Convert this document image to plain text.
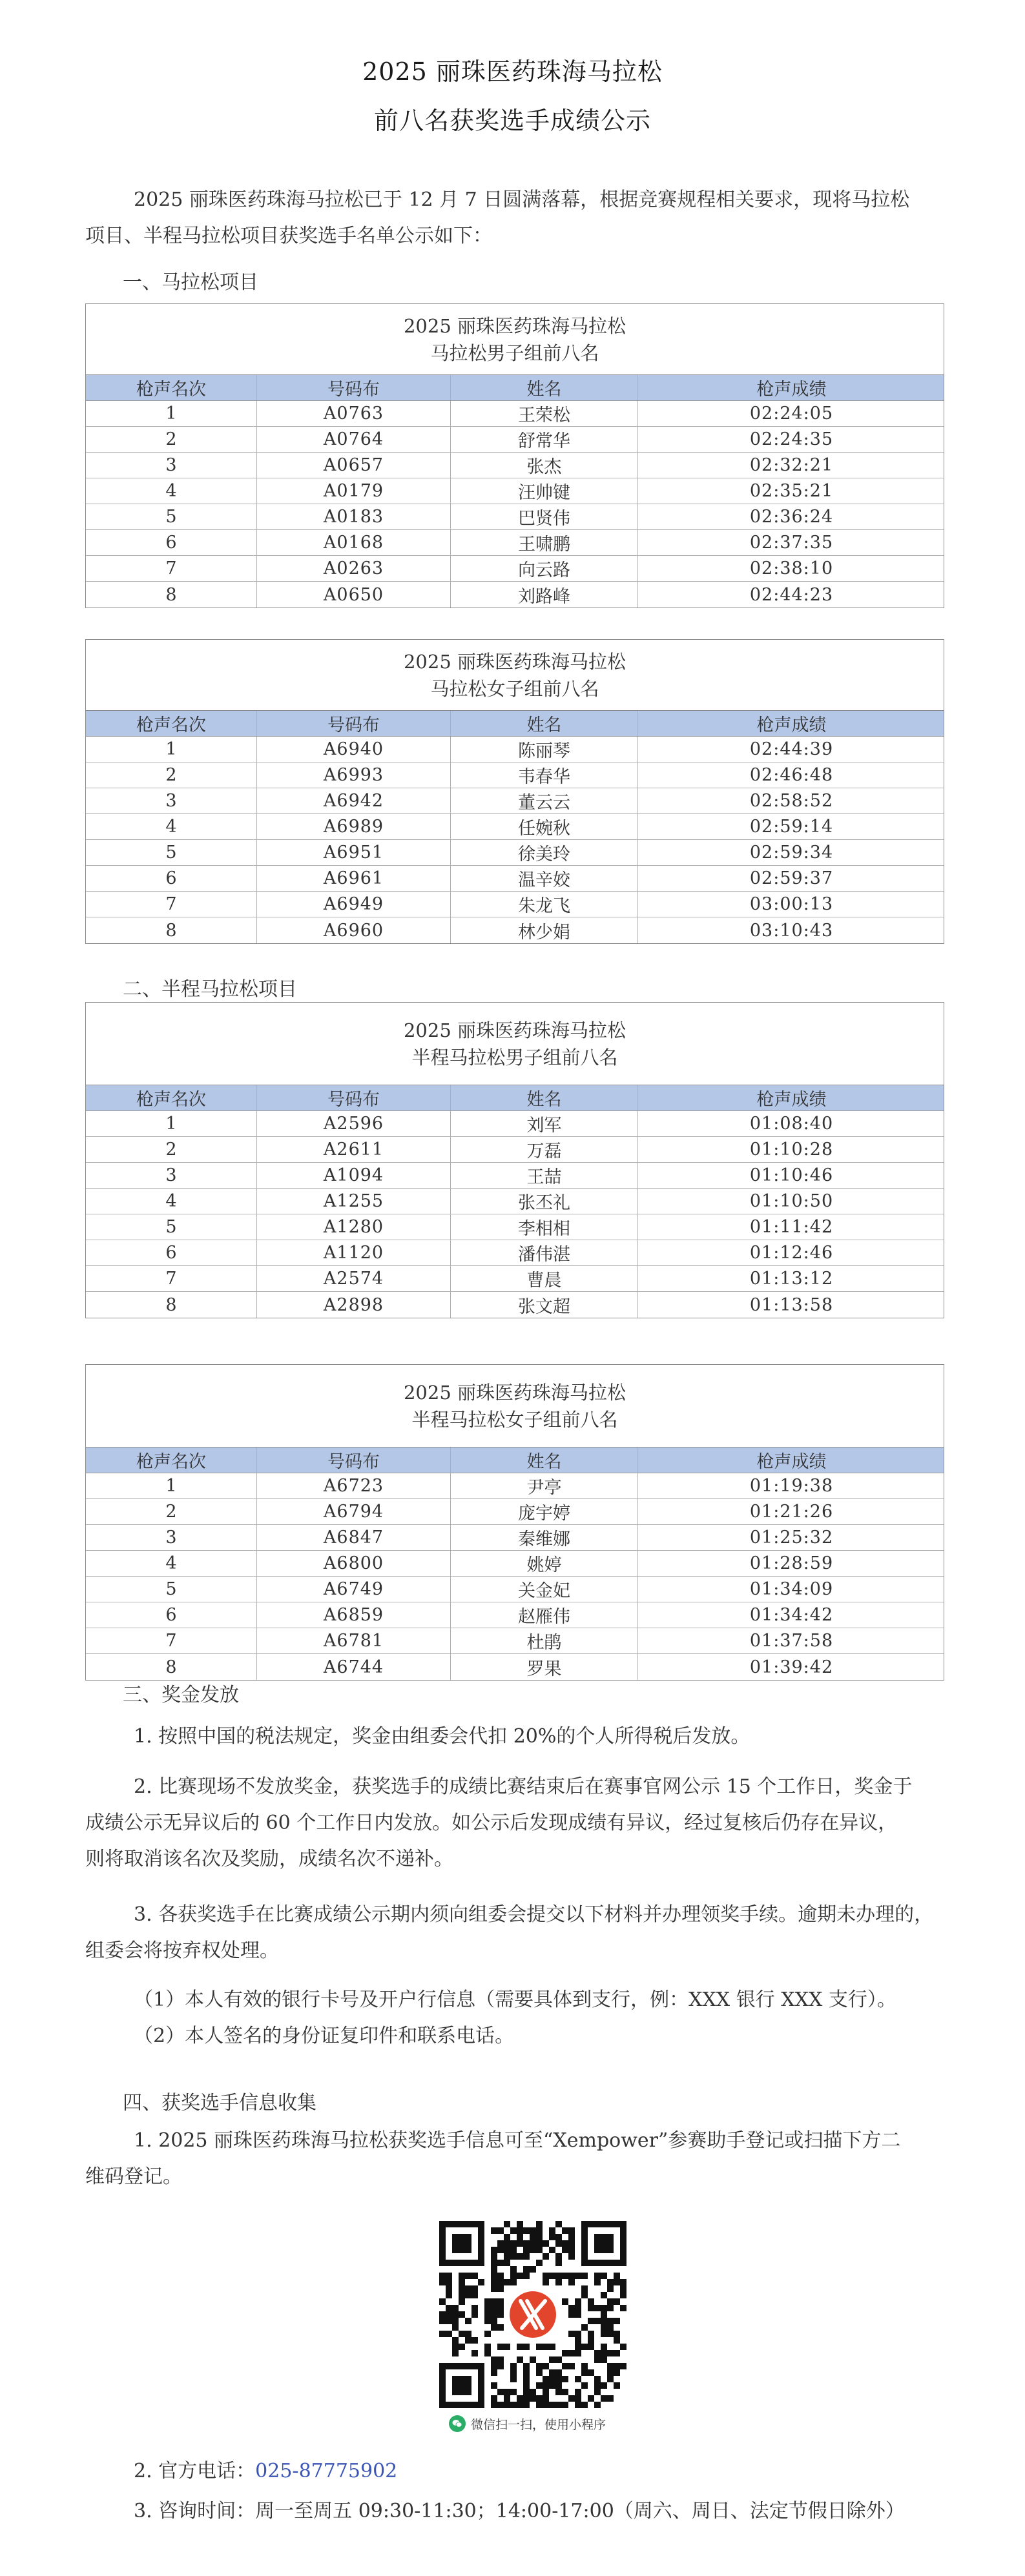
2025 丽珠医药珠海马拉松
前八名获奖选手成绩公示
2025 丽珠医药珠海马拉松已于 12 月 7 日圆满落幕，根据竞赛规程相关要求，现将马拉松
项目、半程马拉松项目获奖选手名单公示如下：
一、马拉松项目
2025 丽珠医药珠海马拉松
马拉松男子组前八名
枪声名次	号码布	姓名	枪声成绩
1	A0763	王荣松	02:24:05
2	A0764	舒常华	02:24:35
3	A0657	张杰	02:32:21
4	A0179	汪帅键	02:35:21
5	A0183	巴贤伟	02:36:24
6	A0168	王啸鹏	02:37:35
7	A0263	向云路	02:38:10
8	A0650	刘路峰	02:44:23
2025 丽珠医药珠海马拉松
马拉松女子组前八名
枪声名次	号码布	姓名	枪声成绩
1	A6940	陈丽琴	02:44:39
2	A6993	韦春华	02:46:48
3	A6942	董云云	02:58:52
4	A6989	任婉秋	02:59:14
5	A6951	徐美玲	02:59:34
6	A6961	温辛姣	02:59:37
7	A6949	朱龙飞	03:00:13
8	A6960	林少娟	03:10:43
二、半程马拉松项目
2025 丽珠医药珠海马拉松
半程马拉松男子组前八名
枪声名次	号码布	姓名	枪声成绩
1	A2596	刘军	01:08:40
2	A2611	万磊	01:10:28
3	A1094	王喆	01:10:46
4	A1255	张丕礼	01:10:50
5	A1280	李相相	01:11:42
6	A1120	潘伟湛	01:12:46
7	A2574	曹晨	01:13:12
8	A2898	张文超	01:13:58
2025 丽珠医药珠海马拉松
半程马拉松女子组前八名
枪声名次	号码布	姓名	枪声成绩
1	A6723	尹亭	01:19:38
2	A6794	庞宇婷	01:21:26
3	A6847	秦维娜	01:25:32
4	A6800	姚婷	01:28:59
5	A6749	关金妃	01:34:09
6	A6859	赵雁伟	01:34:42
7	A6781	杜鹃	01:37:58
8	A6744	罗果	01:39:42
三、奖金发放
1. 按照中国的税法规定，奖金由组委会代扣 20%的个人所得税后发放。
2. 比赛现场不发放奖金，获奖选手的成绩比赛结束后在赛事官网公示 15 个工作日，奖金于
成绩公示无异议后的 60 个工作日内发放。如公示后发现成绩有异议，经过复核后仍存在异议，
则将取消该名次及奖励，成绩名次不递补。
3. 各获奖选手在比赛成绩公示期内须向组委会提交以下材料并办理领奖手续。逾期未办理的，
组委会将按弃权处理。
（1）本人有效的银行卡号及开户行信息（需要具体到支行，例：XXX 银行 XXX 支行）。
（2）本人签名的身份证复印件和联系电话。
四、获奖选手信息收集
1. 2025 丽珠医药珠海马拉松获奖选手信息可至“Xempower”参赛助手登记或扫描下方二
维码登记。
微信扫一扫，使用小程序
2. 官方电话：025-87775902
3. 咨询时间：周一至周五 09:30-11:30；14:00-17:00（周六、周日、法定节假日除外）
